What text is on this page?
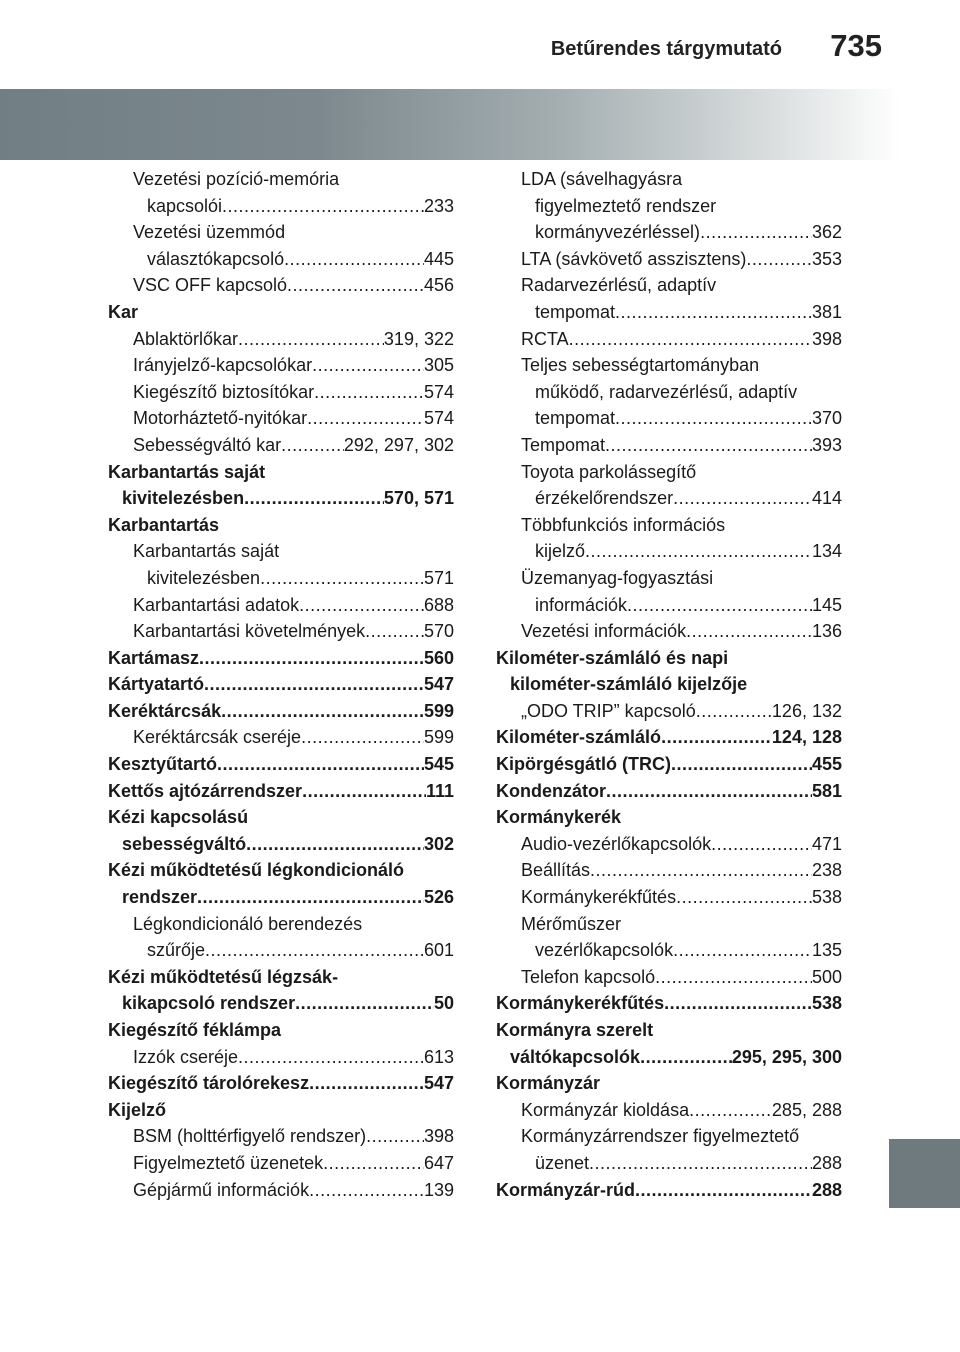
Betűrendes tárgymutató 735
Vezetési pozíció-memória
kapcsolói .....	233
Vezetési üzemmód
választókapcsoló .....	445
VSC OFF kapcsoló .....	456
Kar
Ablaktörlőkar .....	319, 322
Irányjelző-kapcsolókar .....	305
Kiegészítő biztosítókar .....	574
Motorháztető-nyitókar .....	574
Sebességváltó kar .....	292, 297, 302
Karbantartás saját
kivitelezésben .....	570, 571
Karbantartás
Karbantartás saját
kivitelezésben .....	571
Karbantartási adatok .....	688
Karbantartási követelmények .....	570
Kartámasz .....	560
Kártyatartó .....	547
Keréktárcsák .....	599
Keréktárcsák cseréje .....	599
Kesztyűtartó .....	545
Kettős ajtózárrendszer .....	111
Kézi kapcsolású
sebességváltó .....	302
Kézi működtetésű légkondicionáló
rendszer .....	526
Légkondicionáló berendezés
szűrője .....	601
Kézi működtetésű légzsák-
kikapcsoló rendszer .....	50
Kiegészítő féklámpa
Izzók cseréje .....	613
Kiegészítő tárolórekesz .....	547
Kijelző
BSM (holttérfigyelő rendszer) .....	398
Figyelmeztető üzenetek .....	647
Gépjármű információk .....	139
LDA (sávelhagyásra
figyelmeztető rendszer
kormányvezérléssel) .....	362
LTA (sávkövető asszisztens) .....	353
Radarvezérlésű, adaptív
tempomat .....	381
RCTA .....	398
Teljes sebességtartományban
működő, radarvezérlésű, adaptív
tempomat .....	370
Tempomat .....	393
Toyota parkolássegítő
érzékelőrendszer .....	414
Többfunkciós információs
kijelző .....	134
Üzemanyag-fogyasztási
információk .....	145
Vezetési információk .....	136
Kilométer-számláló és napi
kilométer-számláló kijelzője
„ODO TRIP” kapcsoló .....	126, 132
Kilométer-számláló .....	124, 128
Kipörgésgátló (TRC) .....	455
Kondenzátor .....	581
Kormánykerék
Audio-vezérlőkapcsolók .....	471
Beállítás .....	238
Kormánykerékfűtés .....	538
Mérőműszer
vezérlőkapcsolók .....	135
Telefon kapcsoló .....	500
Kormánykerékfűtés .....	538
Kormányra szerelt
váltókapcsolók .....	295, 295, 300
Kormányzár
Kormányzár kioldása .....	285, 288
Kormányzárrendszer figyelmeztető
üzenet .....	288
Kormányzár-rúd .....	288
